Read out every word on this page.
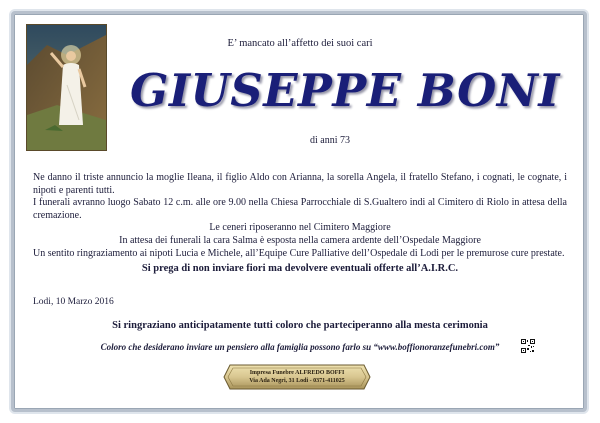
E’ mancato all’affetto dei suoi cari
GIUSEPPE BONI
di anni 73

Ne danno il triste annuncio la moglie Ileana, il figlio Aldo con Arianna, la sorella Angela, il fratello Stefano, i cognati, le cognate, i nipoti e parenti tutti.

I funerali avranno luogo Sabato 12 c.m. alle ore 9.00 nella Chiesa Parrocchiale di S.Gualtero indi al Cimitero di Riolo in attesa della cremazione.

Le ceneri riposeranno nel Cimitero Maggiore

In attesa dei funerali la cara Salma è esposta nella camera ardente dell’Ospedale Maggiore

Un sentito ringraziamento ai nipoti Lucia e Michele, all’Equipe Cure Palliative dell’Ospedale di Lodi per le premurose cure prestate.

Si prega di non inviare fiori ma devolvere eventuali offerte all’A.I.R.C.

Lodi, 10 Marzo 2016
Si ringraziano anticipatamente tutti coloro che parteciperanno alla mesta cerimonia
Coloro che desiderano inviare un pensiero alla famiglia possono farlo su “www.boffionoranzefunebri.com”
Impresa Funebre ALFREDO BOFFI
Via Ada Negri, 31 Lodi - 0371-411025
